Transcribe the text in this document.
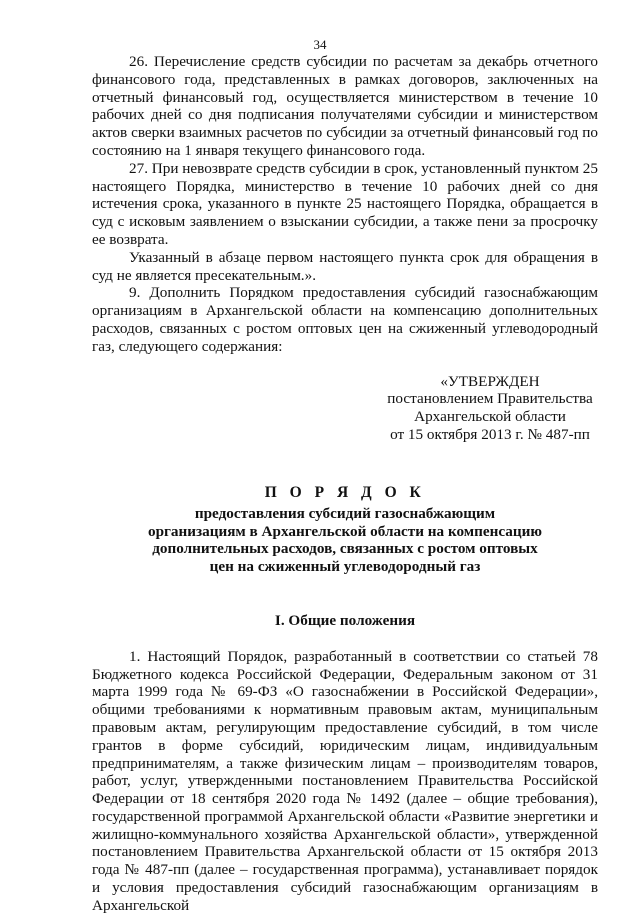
34

26. Перечисление средств субсидии по расчетам за декабрь отчетного финансового года, представленных в рамках договоров, заключенных на отчетный финансовый год, осуществляется министерством в течение 10 рабочих дней со дня подписания получателями субсидии и министерством актов сверки взаимных расчетов по субсидии за отчетный финансовый год по состоянию на 1 января текущего финансового года.

27. При невозврате средств субсидии в срок, установленный пунктом 25 настоящего Порядка, министерство в течение 10 рабочих дней со дня истечения срока, указанного в пункте 25 настоящего Порядка, обращается в суд с исковым заявлением о взыскании субсидии, а также пени за просрочку ее возврата.

Указанный в абзаце первом настоящего пункта срок для обращения в суд не является пресекательным.».

9. Дополнить Порядком предоставления субсидий газоснабжающим организациям в Архангельской области на компенсацию дополнительных расходов, связанных с ростом оптовых цен на сжиженный углеводородный газ, следующего содержания:

«УТВЕРЖДЕН
постановлением Правительства
Архангельской области
от 15 октября 2013 г. № 487-пп
П О Р Я Д О К
предоставления субсидий газоснабжающим
организациям в Архангельской области на компенсацию
дополнительных расходов, связанных с ростом оптовых
цен на сжиженный углеводородный газ
I. Общие положения

1. Настоящий Порядок, разработанный в соответствии со статьей 78 Бюджетного кодекса Российской Федерации, Федеральным законом от 31 марта 1999 года № 69-ФЗ «О газоснабжении в Российской Федерации», общими требованиями к нормативным правовым актам, муниципальным правовым актам, регулирующим предоставление субсидий, в том числе грантов в форме субсидий, юридическим лицам, индивидуальным предпринимателям, а также физическим лицам – производителям товаров, работ, услуг, утвержденными постановлением Правительства Российской Федерации от 18 сентября 2020 года № 1492 (далее – общие требования), государственной программой Архангельской области «Развитие энергетики и жилищно-коммунального хозяйства Архангельской области», утвержденной постановлением Правительства Архангельской области от 15 октября 2013 года № 487-пп (далее – государственная программа), устанавливает порядок и условия предоставления субсидий газоснабжающим организациям в Архангельской
